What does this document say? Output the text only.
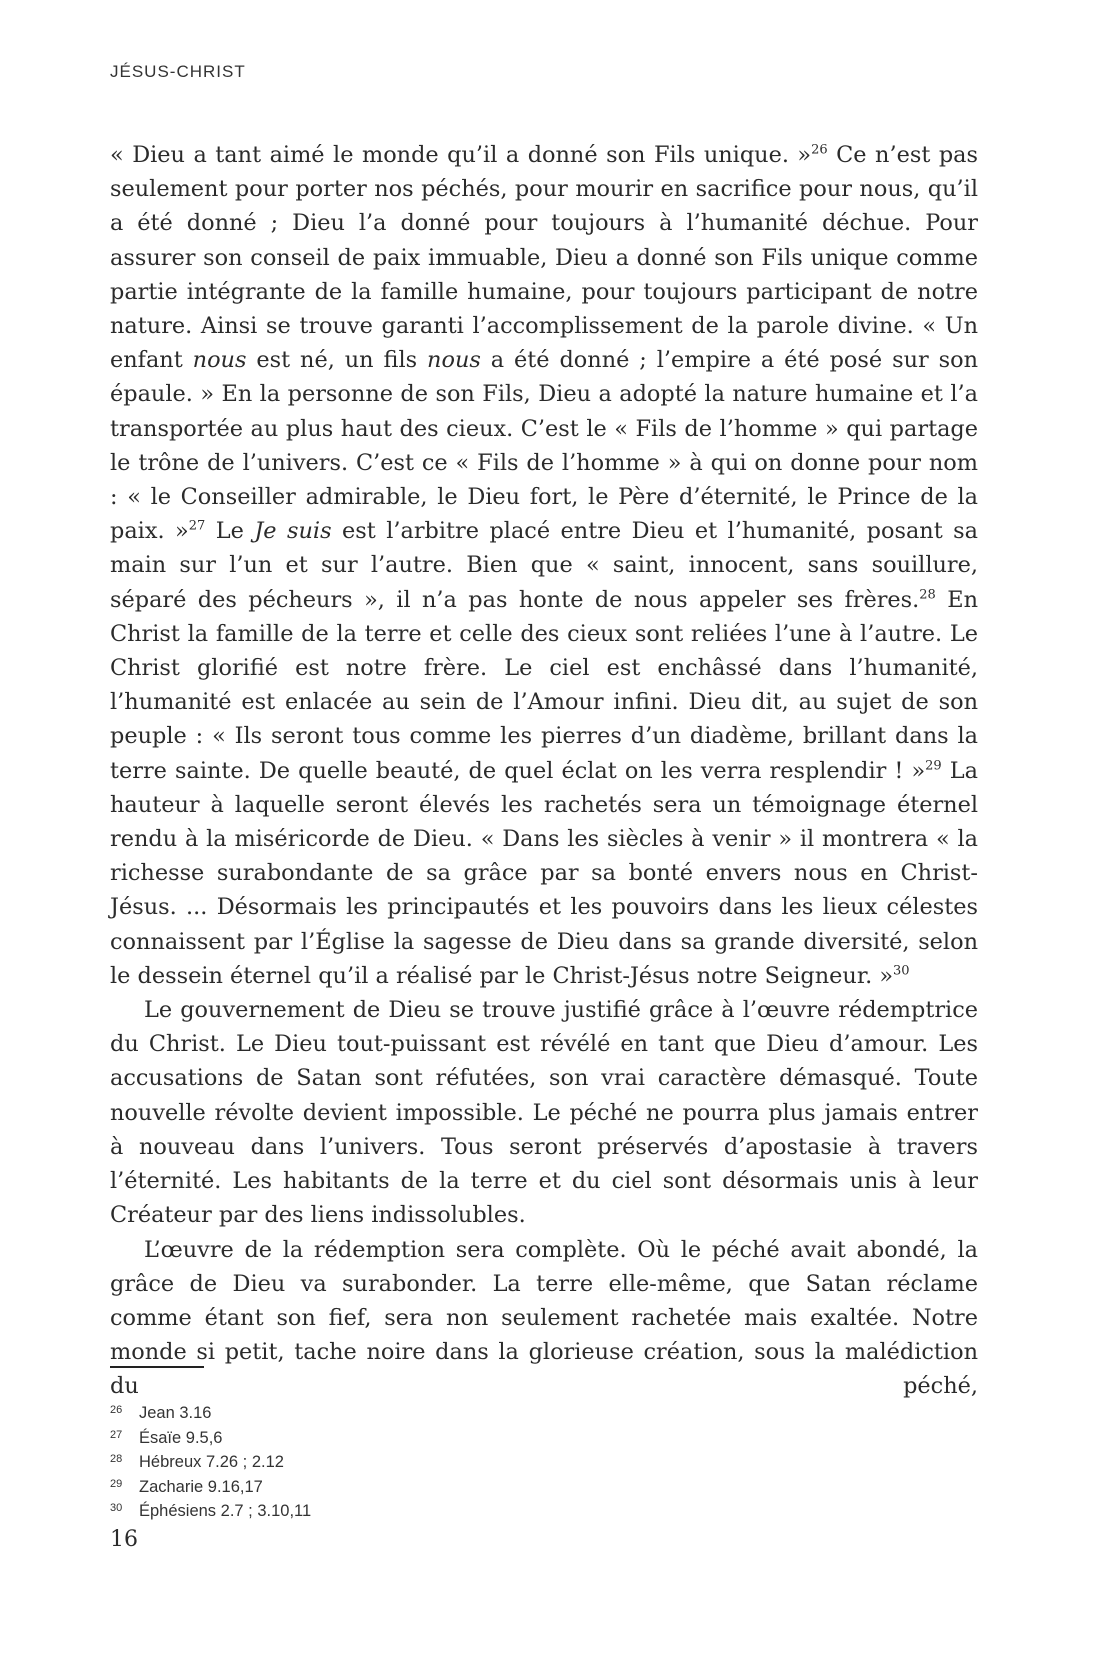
JÉSUS-CHRIST

« Dieu a tant aimé le monde qu’il a donné son Fils unique. »$^{26}$ Ce n’est pas seulement pour porter nos péchés, pour mourir en sacrifice pour nous, qu’il a été donné ; Dieu l’a donné pour toujours à l’humanité déchue. Pour assurer son conseil de paix immuable, Dieu a donné son Fils unique comme partie intégrante de la famille humaine, pour toujours participant de notre nature. Ainsi se trouve garanti l’accomplissement de la parole divine. « Un enfant nous est né, un fils nous a été donné ; l’empire a été posé sur son épaule. » En la personne de son Fils, Dieu a adopté la nature humaine et l’a transportée au plus haut des cieux. C’est le « Fils de l’homme » qui partage le trône de l’univers. C’est ce « Fils de l’homme » à qui on donne pour nom : « le Conseiller admirable, le Dieu fort, le Père d’éternité, le Prince de la paix. »$^{27}$ Le Je suis est l’arbitre placé entre Dieu et l’humanité, posant sa main sur l’un et sur l’autre. Bien que « saint, innocent, sans souillure, séparé des pécheurs », il n’a pas honte de nous appeler ses frères.$^{28}$ En Christ la famille de la terre et celle des cieux sont reliées l’une à l’autre. Le Christ glorifié est notre frère. Le ciel est enchâssé dans l’humanité, l’humanité est enlacée au sein de l’Amour infini. Dieu dit, au sujet de son peuple : « Ils seront tous comme les pierres d’un diadème, brillant dans la terre sainte. De quelle beauté, de quel éclat on les verra resplendir ! »$^{29}$ La hauteur à laquelle seront élevés les rachetés sera un témoignage éternel rendu à la miséricorde de Dieu. « Dans les siècles à venir » il montrera « la richesse surabondante de sa grâce par sa bonté envers nous en Christ-Jésus. ... Désormais les principautés et les pouvoirs dans les lieux célestes connaissent par l’Église la sagesse de Dieu dans sa grande diversité, selon le dessein éternel qu’il a réalisé par le Christ-Jésus notre Seigneur. »$^{30}$

Le gouvernement de Dieu se trouve justifié grâce à l’œuvre rédemptrice du Christ. Le Dieu tout-puissant est révélé en tant que Dieu d’amour. Les accusations de Satan sont réfutées, son vrai caractère démasqué. Toute nouvelle révolte devient impossible. Le péché ne pourra plus jamais entrer à nouveau dans l’univers. Tous seront préservés d’apostasie à travers l’éternité. Les habitants de la terre et du ciel sont désormais unis à leur Créateur par des liens indissolubles.

L’œuvre de la rédemption sera complète. Où le péché avait abondé, la grâce de Dieu va surabonder. La terre elle-même, que Satan réclame comme étant son fief, sera non seulement rachetée mais exaltée. Notre monde si petit, tache noire dans la glorieuse création, sous la malédiction du péché,

26 Jean 3.16
27 Ésaïe 9.5,6
28 Hébreux 7.26 ; 2.12
29 Zacharie 9.16,17
30 Éphésiens 2.7 ; 3.10,11
16
